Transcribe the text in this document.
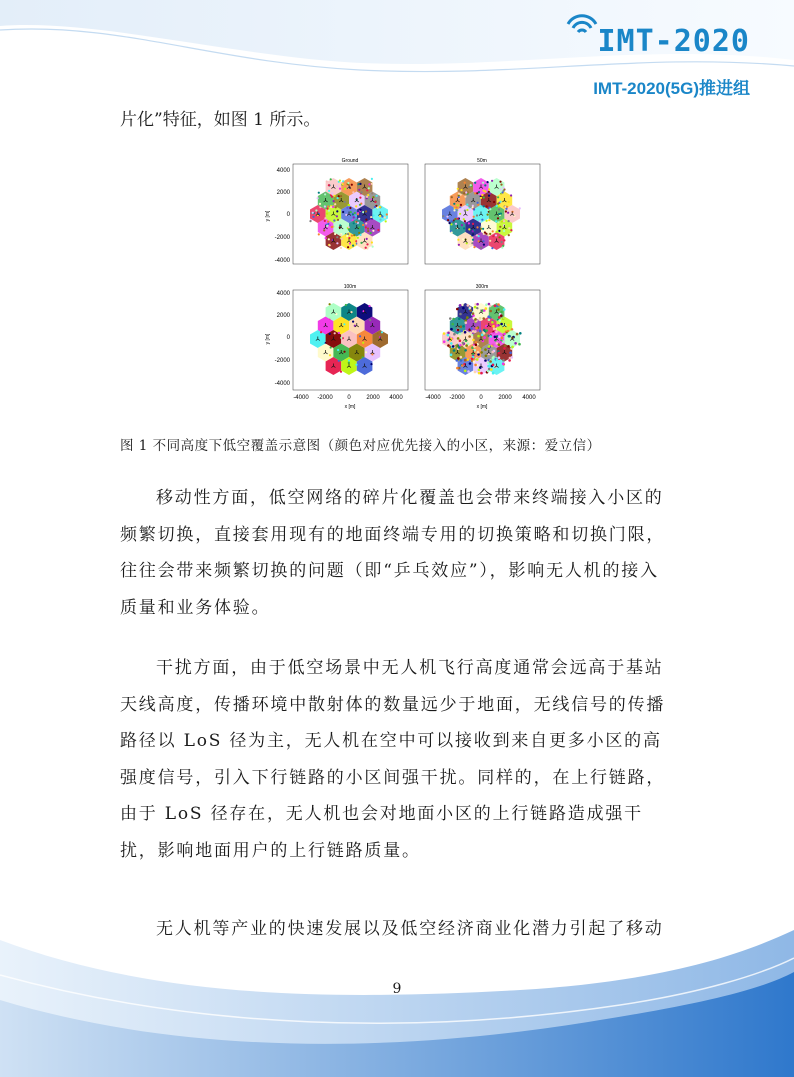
IMT-2020
IMT-2020(5G)推进组
片化”特征，如图 1 所示。
Ground	50m
100m	300m
4000
2000
0
-2000
-4000
4000
2000
0
-2000
-4000
y [m]
y [m]
-4000 -2000 0	2000 4000	-4000 -2000 0	2000 4000
x [m]	x [m]
图 1 不同高度下低空覆盖示意图（颜色对应优先接入的小区，来源：爱立信）
移动性方面，低空网络的碎片化覆盖也会带来终端接入小区的频繁切换，直接套用现有的地面终端专用的切换策略和切换门限，往往会带来频繁切换的问题（即“乒乓效应”），影响无人机的接入质量和业务体验。
干扰方面，由于低空场景中无人机飞行高度通常会远高于基站天线高度，传播环境中散射体的数量远少于地面，无线信号的传播路径以 LoS 径为主，无人机在空中可以接收到来自更多小区的高强度信号，引入下行链路的小区间强干扰。同样的，在上行链路，由于 LoS 径存在，无人机也会对地面小区的上行链路造成强干扰，影响地面用户的上行链路质量。
无人机等产业的快速发展以及低空经济商业化潜力引起了移动
9
